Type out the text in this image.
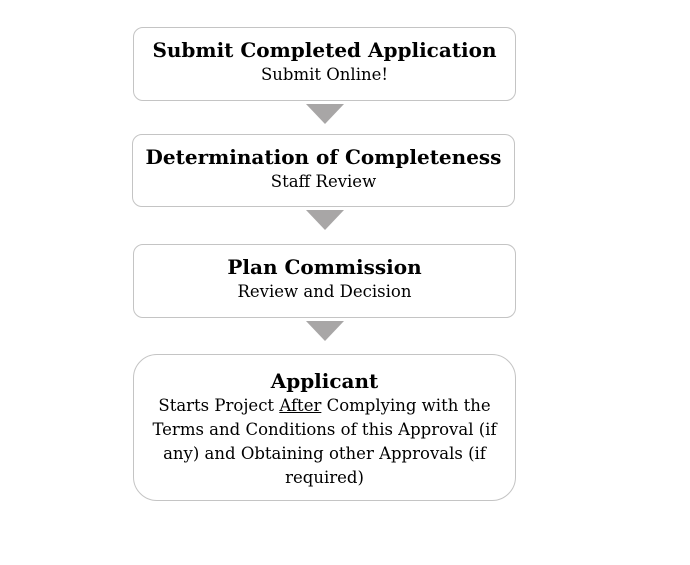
Submit Completed Application
Submit Online!
Determination of Completeness
Staff Review
Plan Commission
Review and Decision
Applicant
Starts Project After Complying with the Terms and Conditions of this Approval (if any) and Obtaining other Approvals (if required)
